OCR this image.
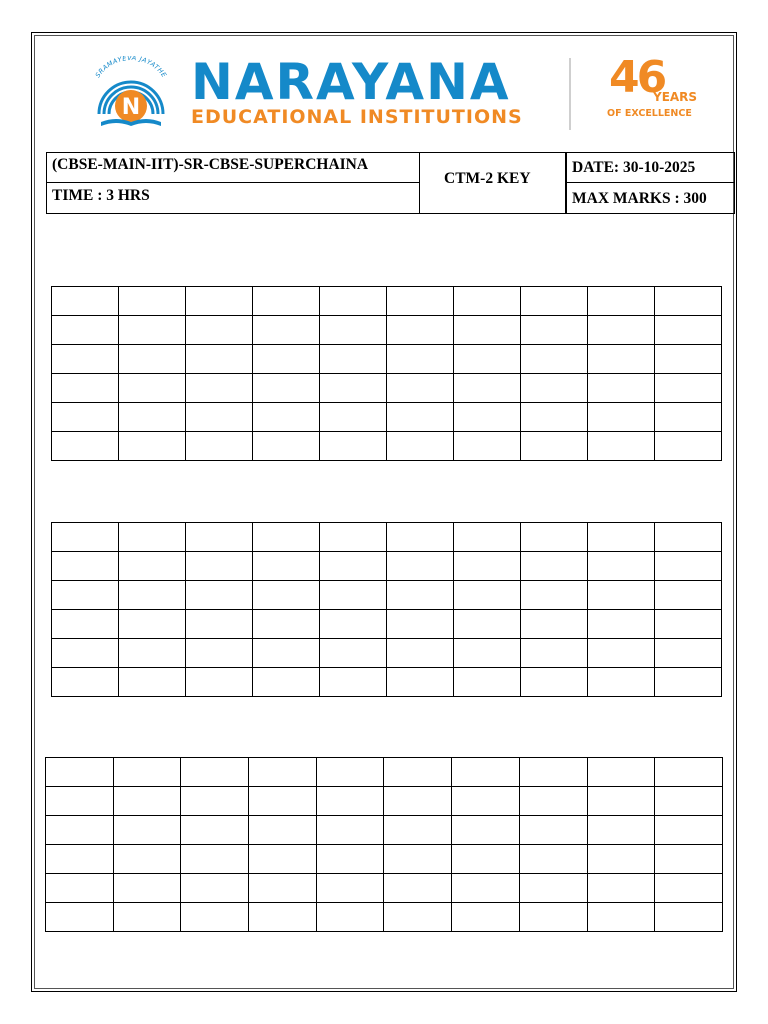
SRAMAYEVA JAYATHE
N NARAYANA
EDUCATIONAL INSTITUTIONS
46
YEARS
OF EXCELLENCE
(CBSE-MAIN-IIT)-SR-CBSE-SUPERCHAINA
TIME : 3 HRS
CTM-2 KEY
DATE: 30-10-2025
MAX MARKS : 300
